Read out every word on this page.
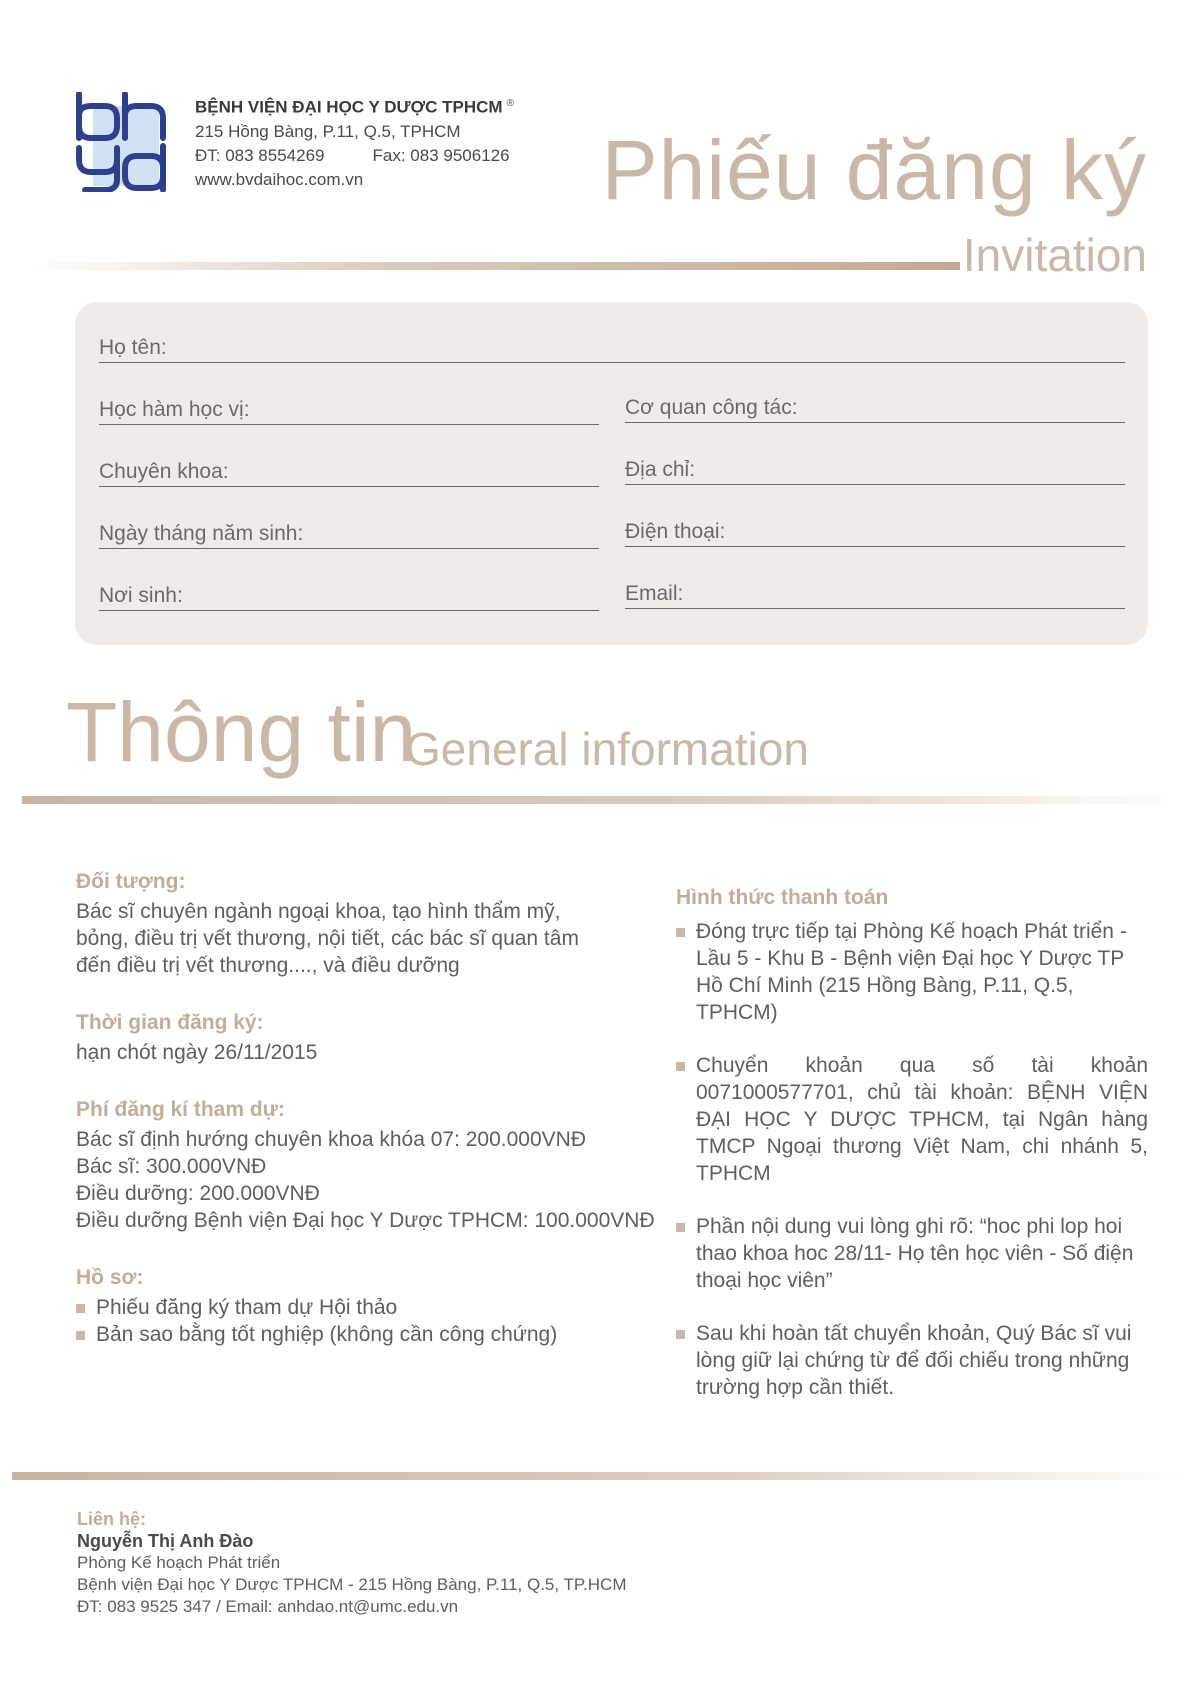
BỆNH VIỆN ĐẠI HỌC Y DƯỢC TPHCM ®
215 Hồng Bàng, P.11, Q.5, TPHCM
ĐT: 083 8554269	Fax: 083 9506126
www.bvdaihoc.com.vn	Phiếu đăng ký
Invitation
Họ tên:
Học hàm học vị:	Cơ quan công tác:
Chuyên khoa:	Địa chỉ:
Ngày tháng năm sinh:	Điện thoại:
Nơi sinh:	Email:
Thông tin
General information
Đối tượng:
Bác sĩ chuyên ngành ngoại khoa, tạo hình thẩm mỹ, bỏng, điều trị vết thương, nội tiết, các bác sĩ quan tâm đến điều trị vết thương...., và điều dưỡng
Thời gian đăng ký:
hạn chót ngày 26/11/2015
Phí đăng kí tham dự:
Bác sĩ định hướng chuyên khoa khóa 07: 200.000VNĐ
Bác sĩ: 300.000VNĐ
Điều dưỡng: 200.000VNĐ
Điều dưỡng Bệnh viện Đại học Y Dược TPHCM: 100.000VNĐ
Hồ sơ:
Phiếu đăng ký tham dự Hội thảo
Bản sao bằng tốt nghiệp (không cần công chứng)
Hình thức thanh toán
Đóng trực tiếp tại Phòng Kế hoạch Phát triển - Lầu 5 - Khu B - Bệnh viện Đại học Y Dược TP Hồ Chí Minh (215 Hồng Bàng, P.11, Q.5, TPHCM)
Chuyển khoản qua số tài khoản 0071000577701, chủ tài khoản: BỆNH VIỆN ĐẠI HỌC Y DƯỢC TPHCM, tại Ngân hàng TMCP Ngoại thương Việt Nam, chi nhánh 5, TPHCM
Phần nội dung vui lòng ghi rõ: “hoc phi lop hoi thao khoa hoc 28/11- Họ tên học viên - Số điện thoại học viên”
Sau khi hoàn tất chuyển khoản, Quý Bác sĩ vui lòng giữ lại chứng từ để đối chiếu trong những trường hợp cần thiết.
Liên hệ:
Nguyễn Thị Anh Đào
Phòng Kế hoạch Phát triển
Bệnh viện Đại học Y Dược TPHCM - 215 Hồng Bàng, P.11, Q.5, TP.HCM
ĐT: 083 9525 347 / Email: anhdao.nt@umc.edu.vn
